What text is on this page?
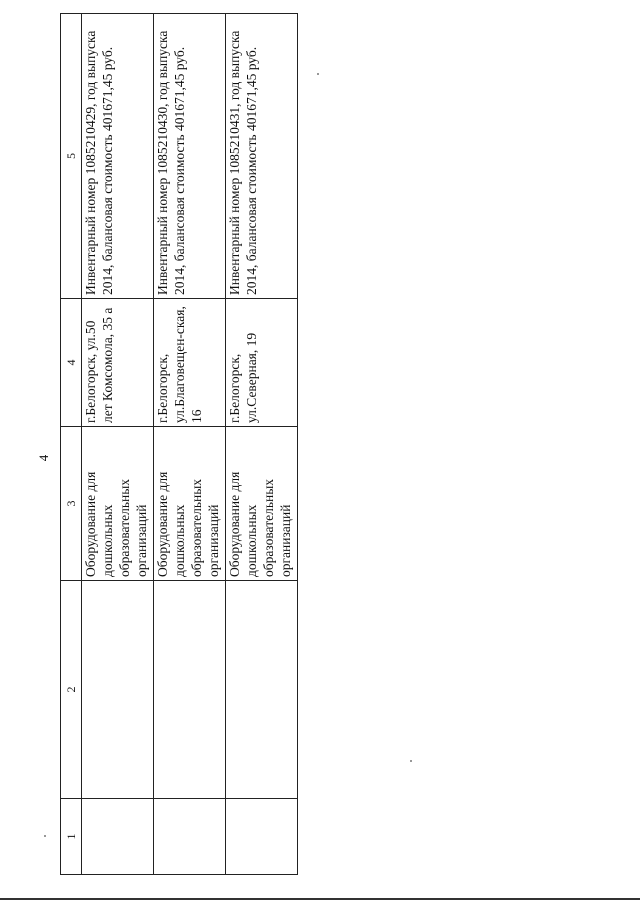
4
1	2	3	4	5
		Оборудование для дошкольных образовательных организаций	г.Белогорск, ул.50 лет Комсомола, 35 а	Инвентарный номер 1085210429, год выпуска 2014, балансовая стоимость 401671,45 руб.
		Оборудование для дошкольных образовательных организаций	г.Белогорск, ул.Благовещен-ская, 16	Инвентарный номер 1085210430, год выпуска 2014, балансовая стоимость 401671,45 руб.
		Оборудование для дошкольных образовательных организаций	г.Белогорск, ул.Северная, 19	Инвентарный номер 1085210431, год выпуска 2014, балансовая стоимость 401671,45 руб.
